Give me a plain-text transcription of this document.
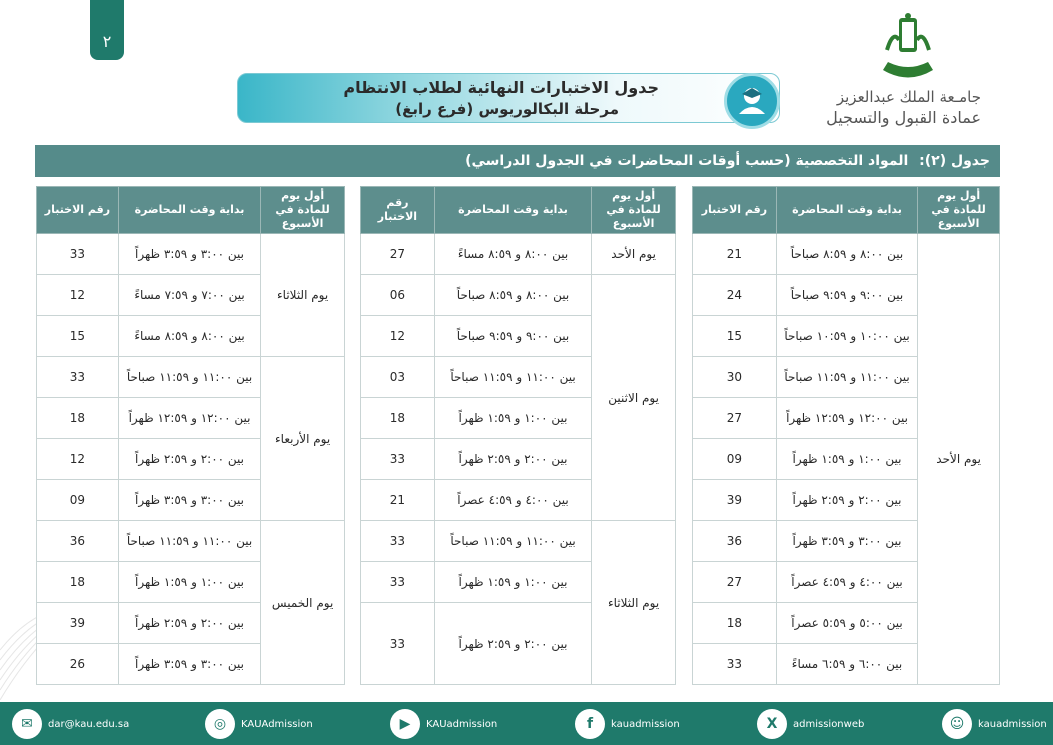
٢
جامـعة الملك عبدالعزيز
عمادة القبول والتسجيل
جدول الاختبارات النهائية لطلاب الانتظام
مرحلة البكالوريوس (فرع رابغ)
جدول (٢): المواد التخصصية (حسب أوقات المحاضرات في الجدول الدراسي)
أول يوم للمادة في الأسبوع	بداية وقت المحاضرة	رقم الاختبار
يوم الأحد	بين ٨:٠٠ و ٨:٥٩ صباحاً	21
	بين ٩:٠٠ و ٩:٥٩ صباحاً	24
	بين ١٠:٠٠ و ١٠:٥٩ صباحاً	15
	بين ١١:٠٠ و ١١:٥٩ صباحاً	30
	بين ١٢:٠٠ و ١٢:٥٩ ظهراً	27
	بين ١:٠٠ و ١:٥٩ ظهراً	09
	بين ٢:٠٠ و ٢:٥٩ ظهراً	39
	بين ٣:٠٠ و ٣:٥٩ ظهراً	36
	بين ٤:٠٠ و ٤:٥٩ عصراً	27
	بين ٥:٠٠ و ٥:٥٩ عصراً	18
	بين ٦:٠٠ و ٦:٥٩ مساءً	33
أول يوم للمادة في الأسبوع	بداية وقت المحاضرة	رقم الاختبار
يوم الأحد	بين ٨:٠٠ و ٨:٥٩ مساءً	27
يوم الاثنين	بين ٨:٠٠ و ٨:٥٩ صباحاً	06
	بين ٩:٠٠ و ٩:٥٩ صباحاً	12
	بين ١١:٠٠ و ١١:٥٩ صباحاً	03
	بين ١:٠٠ و ١:٥٩ ظهراً	18
	بين ٢:٠٠ و ٢:٥٩ ظهراً	33
	بين ٤:٠٠ و ٤:٥٩ عصراً	21
يوم الثلاثاء	بين ١١:٠٠ و ١١:٥٩ صباحاً	33
	بين ١:٠٠ و ١:٥٩ ظهراً	33
	بين ٢:٠٠ و ٢:٥٩ ظهراً	33
أول يوم للمادة في الأسبوع	بداية وقت المحاضرة	رقم الاختبار
يوم الثلاثاء	بين ٣:٠٠ و ٣:٥٩ ظهراً	33
	بين ٧:٠٠ و ٧:٥٩ مساءً	12
	بين ٨:٠٠ و ٨:٥٩ مساءً	15
يوم الأربعاء	بين ١١:٠٠ و ١١:٥٩ صباحاً	33
	بين ١٢:٠٠ و ١٢:٥٩ ظهراً	18
	بين ٢:٠٠ و ٢:٥٩ ظهراً	12
	بين ٣:٠٠ و ٣:٥٩ ظهراً	09
يوم الخميس	بين ١١:٠٠ و ١١:٥٩ صباحاً	36
	بين ١:٠٠ و ١:٥٩ ظهراً	18
	بين ٢:٠٠ و ٢:٥٩ ظهراً	39
	بين ٣:٠٠ و ٣:٥٩ ظهراً	26
✉	dar@kau.edu.sa	◎	KAUAdmission	▶	KAUadmission	f	kauadmission	X	admissionweb	☺	kauadmission
